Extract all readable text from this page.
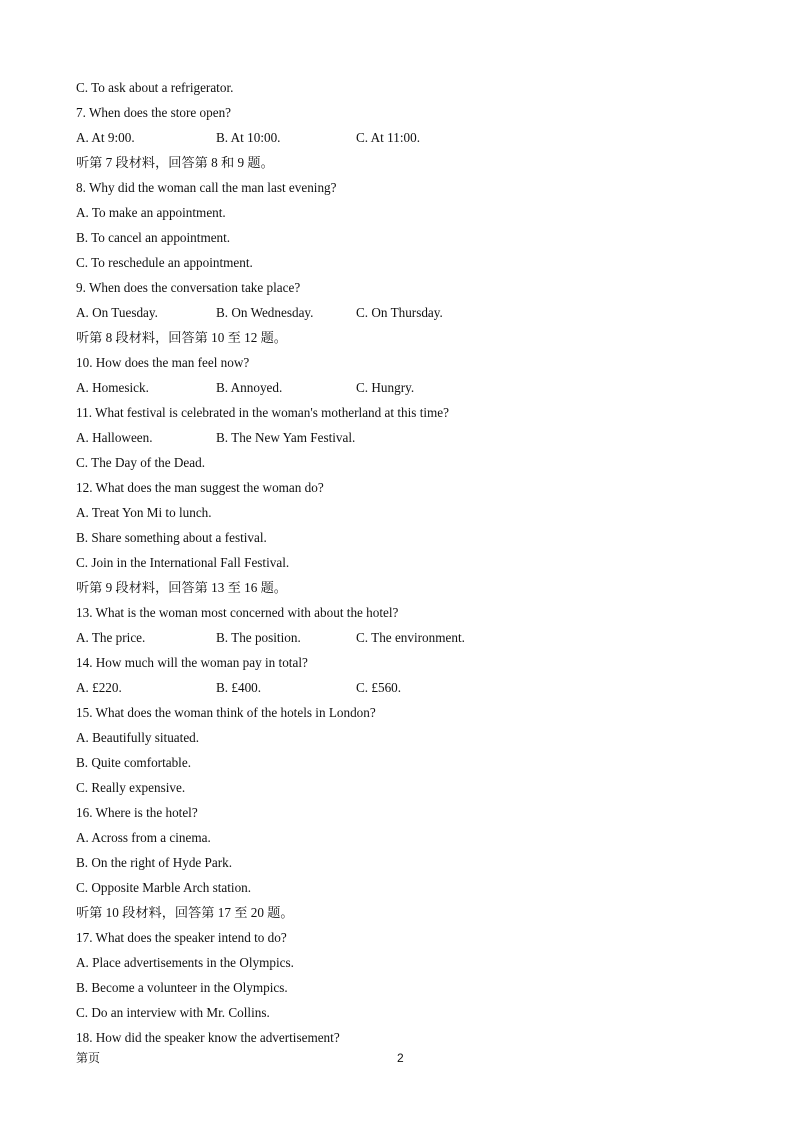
C. To ask about a refrigerator.
7. When does the store open?
A. At 9:00.	B. At 10:00.	C. At 11:00.
听第 7 段材料，回答第 8 和 9 题。
8. Why did the woman call the man last evening?
A. To make an appointment.
B. To cancel an appointment.
C. To reschedule an appointment.
9. When does the conversation take place?
A. On Tuesday.	B. On Wednesday.	C. On Thursday.
听第 8 段材料，回答第 10 至 12 题。
10. How does the man feel now?
A. Homesick.	B. Annoyed.	C. Hungry.
11. What festival is celebrated in the woman's motherland at this time?
A. Halloween.	B. The New Yam Festival.
C. The Day of the Dead.
12. What does the man suggest the woman do?
A. Treat Yon Mi to lunch.
B. Share something about a festival.
C. Join in the International Fall Festival.
听第 9 段材料，回答第 13 至 16 题。
13. What is the woman most concerned with about the hotel?
A. The price.	B. The position.	C. The environment.
14. How much will the woman pay in total?
A. £220.	B. £400.	C. £560.
15. What does the woman think of the hotels in London?
A. Beautifully situated.
B. Quite comfortable.
C. Really expensive.
16. Where is the hotel?
A. Across from a cinema.
B. On the right of Hyde Park.
C. Opposite Marble Arch station.
听第 10 段材料，回答第 17 至 20 题。
17. What does the speaker intend to do?
A. Place advertisements in the Olympics.
B. Become a volunteer in the Olympics.
C. Do an interview with Mr. Collins.
18. How did the speaker know the advertisement?
第页	2
